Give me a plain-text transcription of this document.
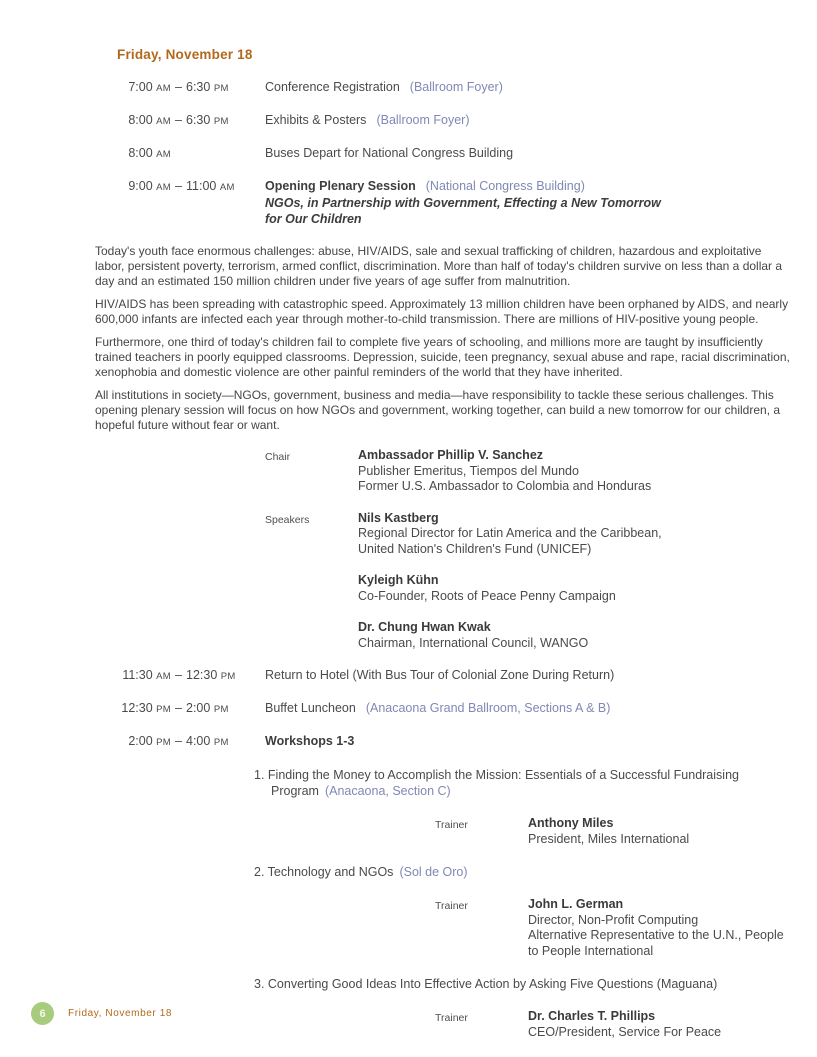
Friday, November 18
7:00 AM – 6:30 PM	Conference Registration (Ballroom Foyer)
8:00 AM – 6:30 PM	Exhibits & Posters (Ballroom Foyer)
8:00 AM	Buses Depart for National Congress Building
9:00 AM – 11:00 AM Opening Plenary Session (National Congress Building)
NGOs, in Partnership with Government, Effecting a New Tomorrow for Our Children

Today's youth face enormous challenges: abuse, HIV/AIDS, sale and sexual trafficking of children, hazardous and exploitative labor, persistent poverty, terrorism, armed conflict, discrimination. More than half of today's children survive on less than a dollar a day and an estimated 150 million children under five years of age suffer from malnutrition.

HIV/AIDS has been spreading with catastrophic speed. Approximately 13 million children have been orphaned by AIDS, and nearly 600,000 infants are infected each year through mother-to-child transmission. There are millions of HIV-positive young people.

Furthermore, one third of today's children fail to complete five years of schooling, and millions more are taught by insufficiently trained teachers in poorly equipped classrooms. Depression, suicide, teen pregnancy, sexual abuse and rape, racial discrimination, xenophobia and domestic violence are other painful reminders of the world that they have inherited.

All institutions in society—NGOs, government, business and media—have responsibility to tackle these serious challenges. This opening plenary session will focus on how NGOs and government, working together, can build a new tomorrow for our children, a hopeful future without fear or want.

Chair	Ambassador Phillip V. Sanchez
Publisher Emeritus, Tiempos del Mundo
Former U.S. Ambassador to Colombia and Honduras
Speakers	Nils Kastberg
Regional Director for Latin America and the Caribbean,
United Nation's Children's Fund (UNICEF)
Kyleigh Kühn
Co-Founder, Roots of Peace Penny Campaign
Dr. Chung Hwan Kwak
Chairman, International Council, WANGO
11:30 AM – 12:30 PM Return to Hotel (With Bus Tour of Colonial Zone During Return)
12:30 PM – 2:00 PM	Buffet Luncheon (Anacaona Grand Ballroom, Sections A & B)
2:00 PM – 4:00 PM	Workshops 1-3
1. Finding the Money to Accomplish the Mission: Essentials of a Successful Fundraising Program (Anacaona, Section C)
Trainer	Anthony Miles
President, Miles International
2. Technology and NGOs (Sol de Oro)
Trainer	John L. German
Director, Non-Profit Computing
Alternative Representative to the U.N., People to People International
3. Converting Good Ideas Into Effective Action by Asking Five Questions (Maguana)
Trainer	Dr. Charles T. Phillips
CEO/President, Service For Peace
6 Friday, November 18
